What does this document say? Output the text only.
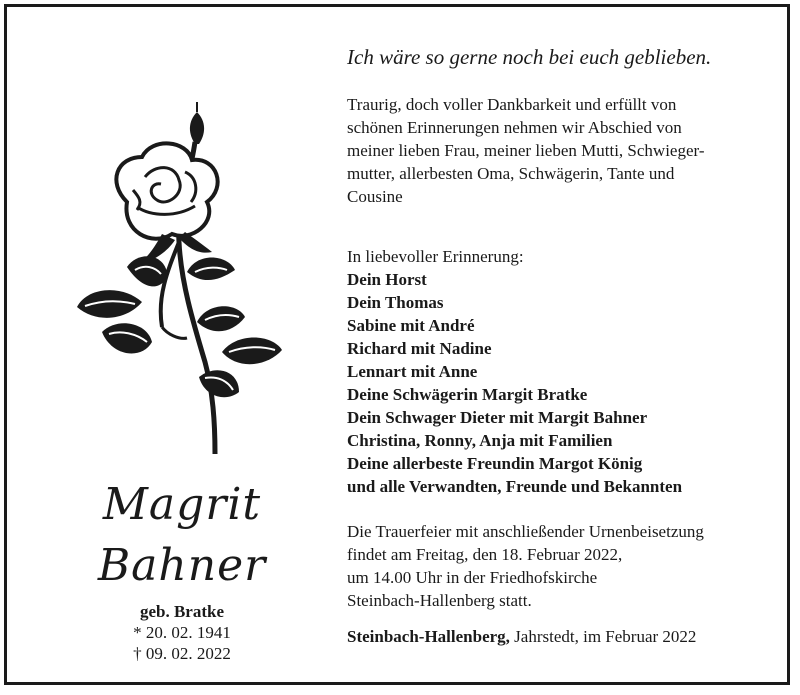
Magrit
Bahner
geb. Bratke
* 20. 02. 1941
† 09. 02. 2022

Ich wäre so gerne noch bei euch geblieben.

Traurig, doch voller Dankbarkeit und erfüllt von
schönen Erinnerungen nehmen wir Abschied von
meiner lieben Frau, meiner lieben Mutti, Schwieger-
mutter, allerbesten Oma, Schwägerin, Tante und
Cousine

In liebevoller Erinnerung:

Dein Horst
Dein Thomas
Sabine mit André
Richard mit Nadine
Lennart mit Anne
Deine Schwägerin Margit Bratke
Dein Schwager Dieter mit Margit Bahner
Christina, Ronny, Anja mit Familien
Deine allerbeste Freundin Margot König
und alle Verwandten, Freunde und Bekannten

Die Trauerfeier mit anschließender Urnenbeisetzung
findet am Freitag, den 18. Februar 2022,
um 14.00 Uhr in der Friedhofskirche
Steinbach-Hallenberg statt.

Steinbach-Hallenberg, Jahrstedt, im Februar 2022
